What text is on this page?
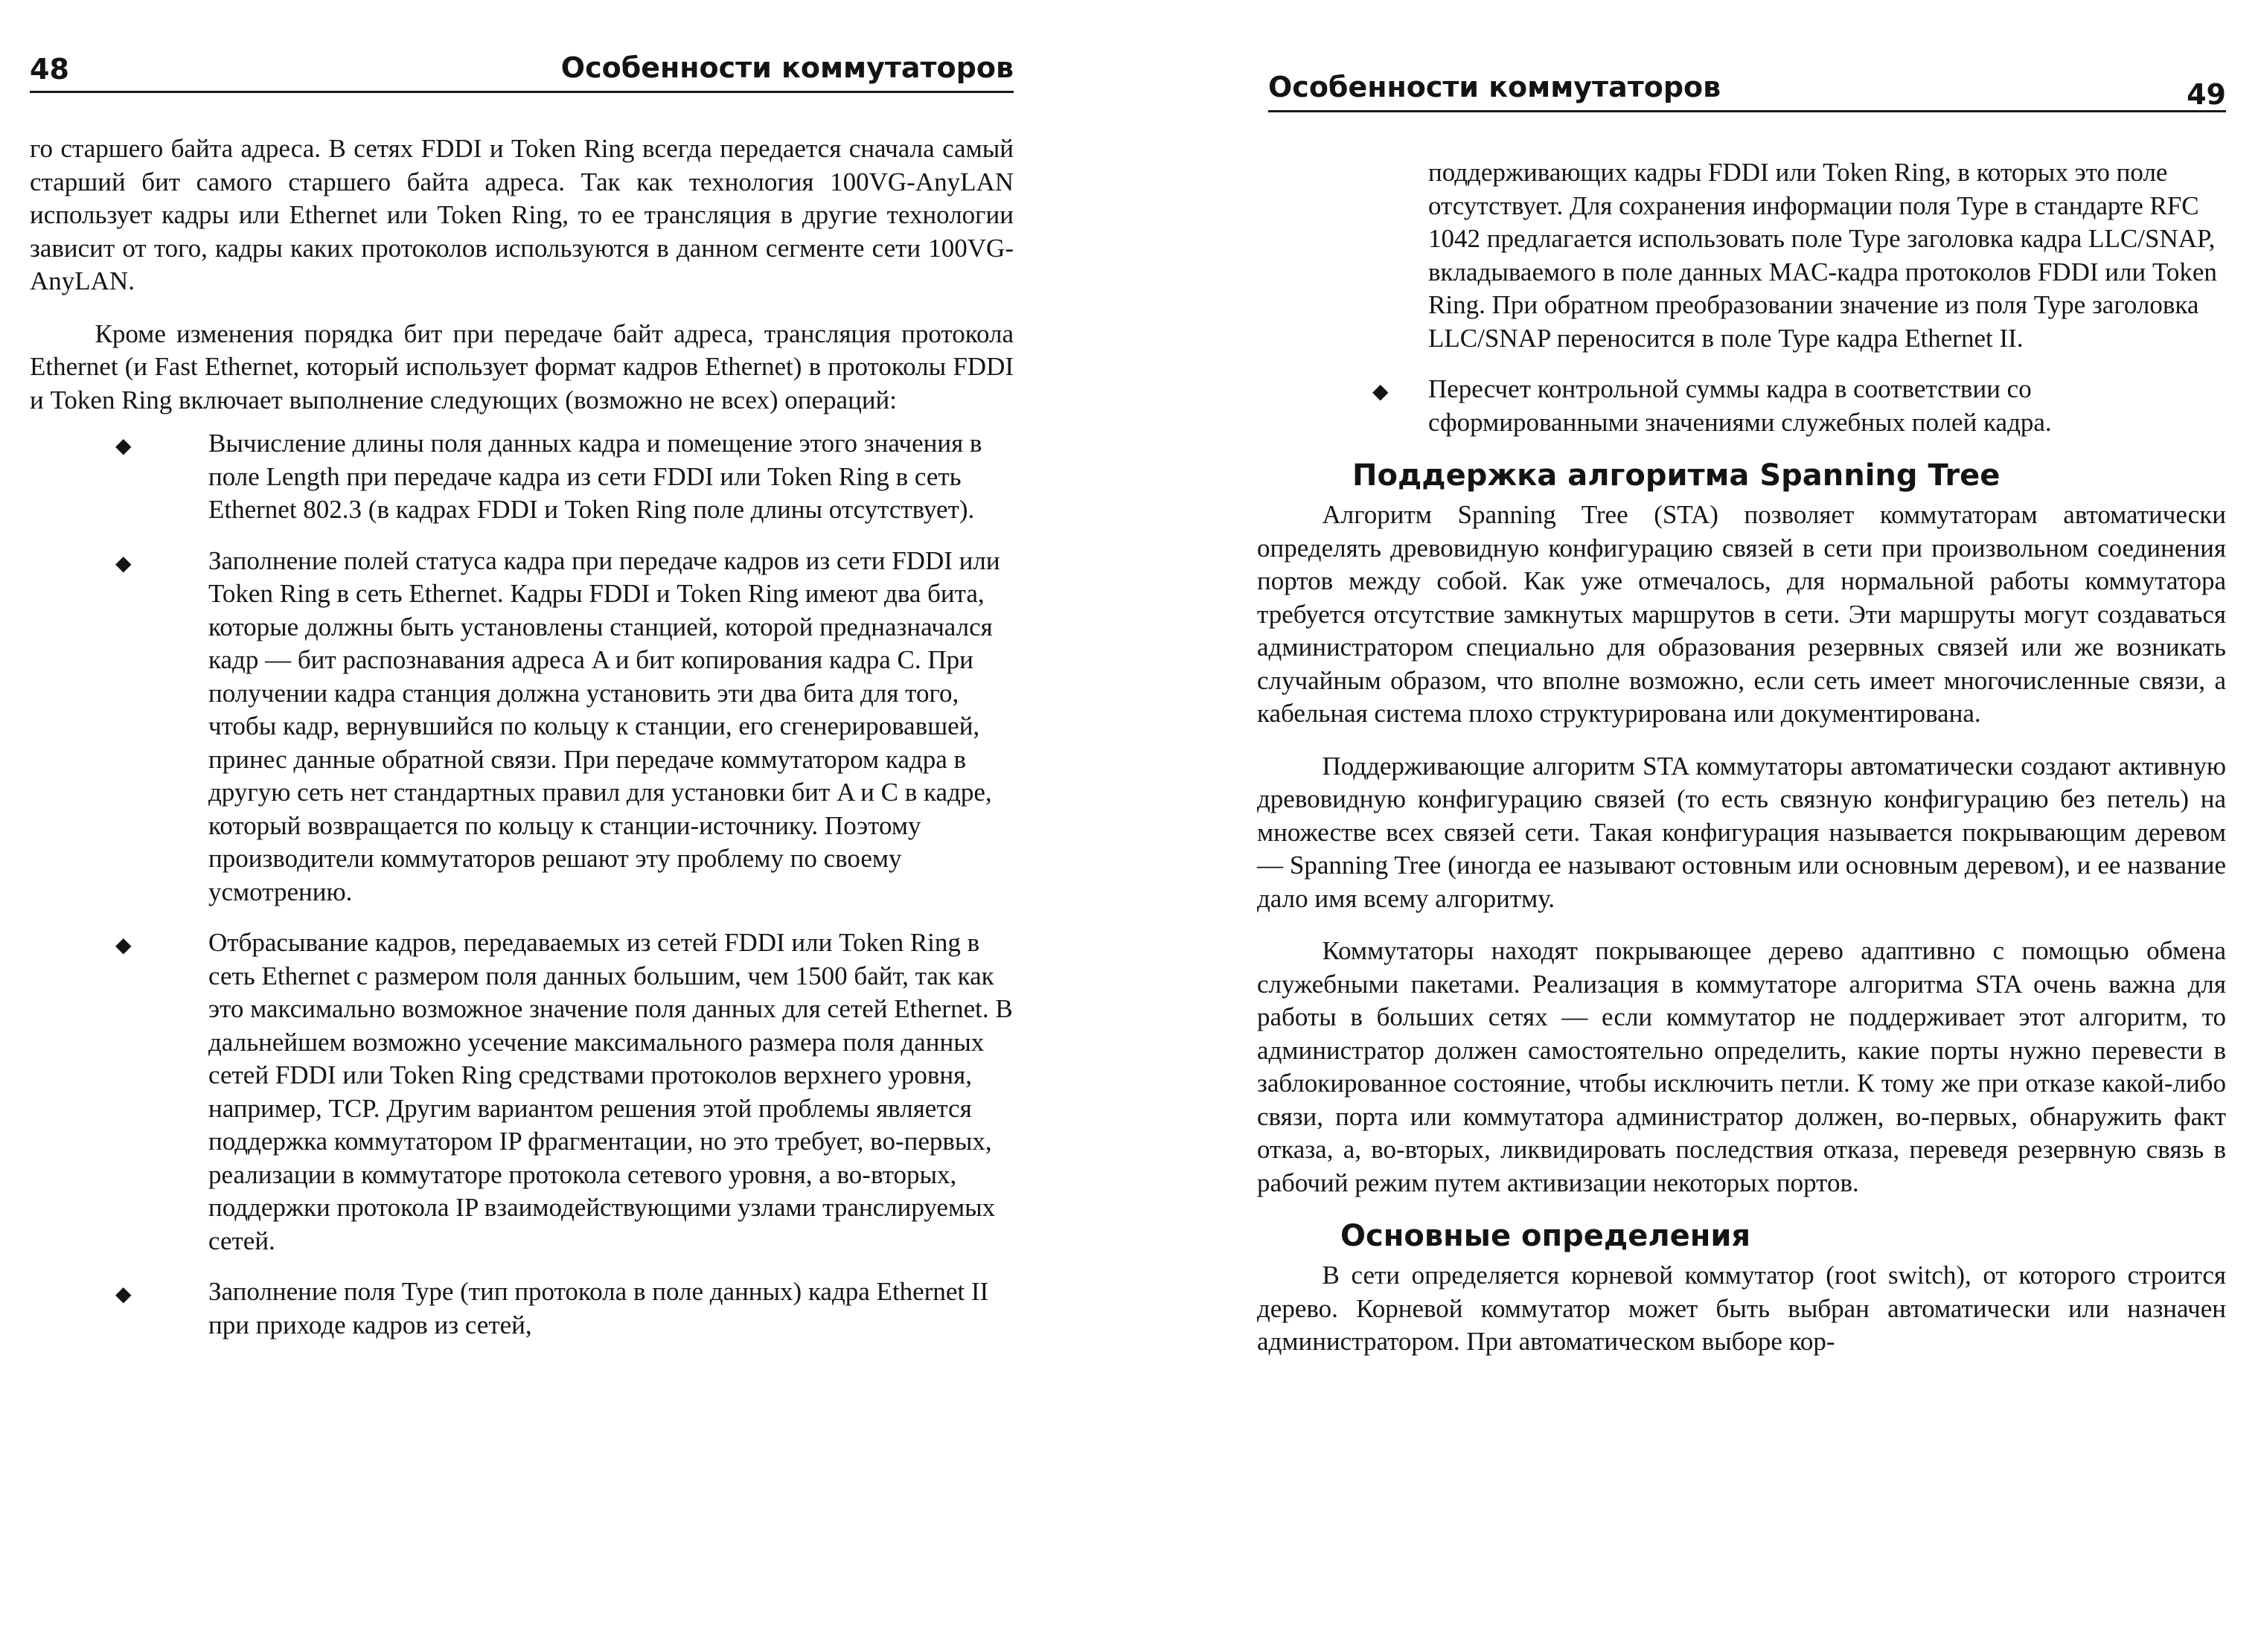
48	Особенности коммутаторов

го старшего байта адреса. В сетях FDDI и Token Ring всегда передается сначала самый старший бит самого старшего байта адреса. Так как технология 100VG-AnyLAN использует кадры или Ethernet или Token Ring, то ее трансляция в другие технологии зависит от того, кадры каких протоколов используются в данном сегменте сети 100VG-AnyLAN.

Кроме изменения порядка бит при передаче байт адреса, трансляция протокола Ethernet (и Fast Ethernet, который использует формат кадров Ethernet) в протоколы FDDI и Token Ring включает выполнение следующих (возможно не всех) операций:

◆	Вычисление длины поля данных кадра и помещение этого значения в поле Length при передаче кадра из сети FDDI или Token Ring в сеть Ethernet 802.3 (в кадрах FDDI и Token Ring поле длины отсутствует).
◆	Заполнение полей статуса кадра при передаче кадров из сети FDDI или Token Ring в сеть Ethernet. Кадры FDDI и Token Ring имеют два бита, которые должны быть установлены станцией, которой предназначался кадр — бит распознавания адреса A и бит копирования кадра C. При получении кадра станция должна установить эти два бита для того, чтобы кадр, вернувшийся по кольцу к станции, его сгенерировавшей, принес данные обратной связи. При передаче коммутатором кадра в другую сеть нет стандартных правил для установки бит A и C в кадре, который возвращается по кольцу к станции-источнику. Поэтому производители коммутаторов решают эту проблему по своему усмотрению.
◆	Отбрасывание кадров, передаваемых из сетей FDDI или Token Ring в сеть Ethernet с размером поля данных большим, чем 1500 байт, так как это максимально возможное значение поля данных для сетей Ethernet. В дальнейшем возможно усечение максимального размера поля данных сетей FDDI или Token Ring средствами протоколов верхнего уровня, например, TCP. Другим вариантом решения этой проблемы является поддержка коммутатором IP фрагментации, но это требует, во-первых, реализации в коммутаторе протокола сетевого уровня, а во-вторых, поддержки протокола IP взаимодействующими узлами транслируемых сетей.
◆	Заполнение поля Type (тип протокола в поле данных) кадра Ethernet II при приходе кадров из сетей,
Особенности коммутаторов	49
поддерживающих кадры FDDI или Token Ring, в которых это поле отсутствует. Для сохранения информации поля Type в стандарте RFC 1042 предлагается использовать поле Type заголовка кадра LLC/SNAP, вкладываемого в поле данных MAC-кадра протоколов FDDI или Token Ring. При обратном преобразовании значение из поля Type заголовка LLC/SNAP переносится в поле Type кадра Ethernet II.
◆ Пересчет контрольной суммы кадра в соответствии со сформированными значениями служебных полей кадра.
Поддержка алгоритма Spanning Tree

Алгоритм Spanning Tree (STA) позволяет коммутаторам автоматически определять древовидную конфигурацию связей в сети при произвольном соединения портов между собой. Как уже отмечалось, для нормальной работы коммутатора требуется отсутствие замкнутых маршрутов в сети. Эти маршруты могут создаваться администратором специально для образования резервных связей или же возникать случайным образом, что вполне возможно, если сеть имеет многочисленные связи, а кабельная система плохо структурирована или документирована.

Поддерживающие алгоритм STA коммутаторы автоматически создают активную древовидную конфигурацию связей (то есть связную конфигурацию без петель) на множестве всех связей сети. Такая конфигурация называется покрывающим деревом — Spanning Tree (иногда ее называют остовным или основным деревом), и ее название дало имя всему алгоритму.

Коммутаторы находят покрывающее дерево адаптивно с помощью обмена служебными пакетами. Реализация в коммутаторе алгоритма STA очень важна для работы в больших сетях — если коммутатор не поддерживает этот алгоритм, то администратор должен самостоятельно определить, какие порты нужно перевести в заблокированное состояние, чтобы исключить петли. К тому же при отказе какой-либо связи, порта или коммутатора администратор должен, во-первых, обнаружить факт отказа, а, во-вторых, ликвидировать последствия отказа, переведя резервную связь в рабочий режим путем активизации некоторых портов.

Основные определения

В сети определяется корневой коммутатор (root switch), от которого строится дерево. Корневой коммутатор может быть выбран автоматически или назначен администратором. При автоматическом выборе кор-
